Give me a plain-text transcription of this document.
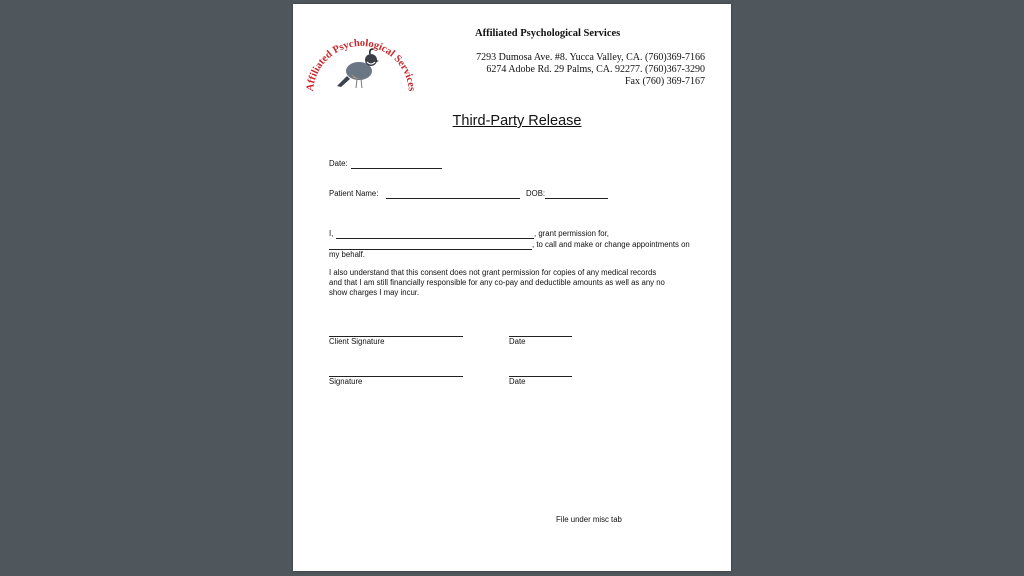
Affiliated Psychological Services
Affiliated Psychological Services
7293 Dumosa Ave. #8. Yucca Valley, CA. (760)369-7166
6274 Adobe Rd. 29 Palms, CA. 92277. (760)367-3290
Fax (760) 369-7167
Third-Party Release
Date:
Patient Name:	DOB:
I,	, grant permission for,
, to call and make or change appointments on
my behalf.
I also understand that this consent does not grant permission for copies of any medical records
and that I am still financially responsible for any co-pay and deductible amounts as well as any no
show charges I may incur.
Client Signature	Date
Signature	Date
File under misc tab
